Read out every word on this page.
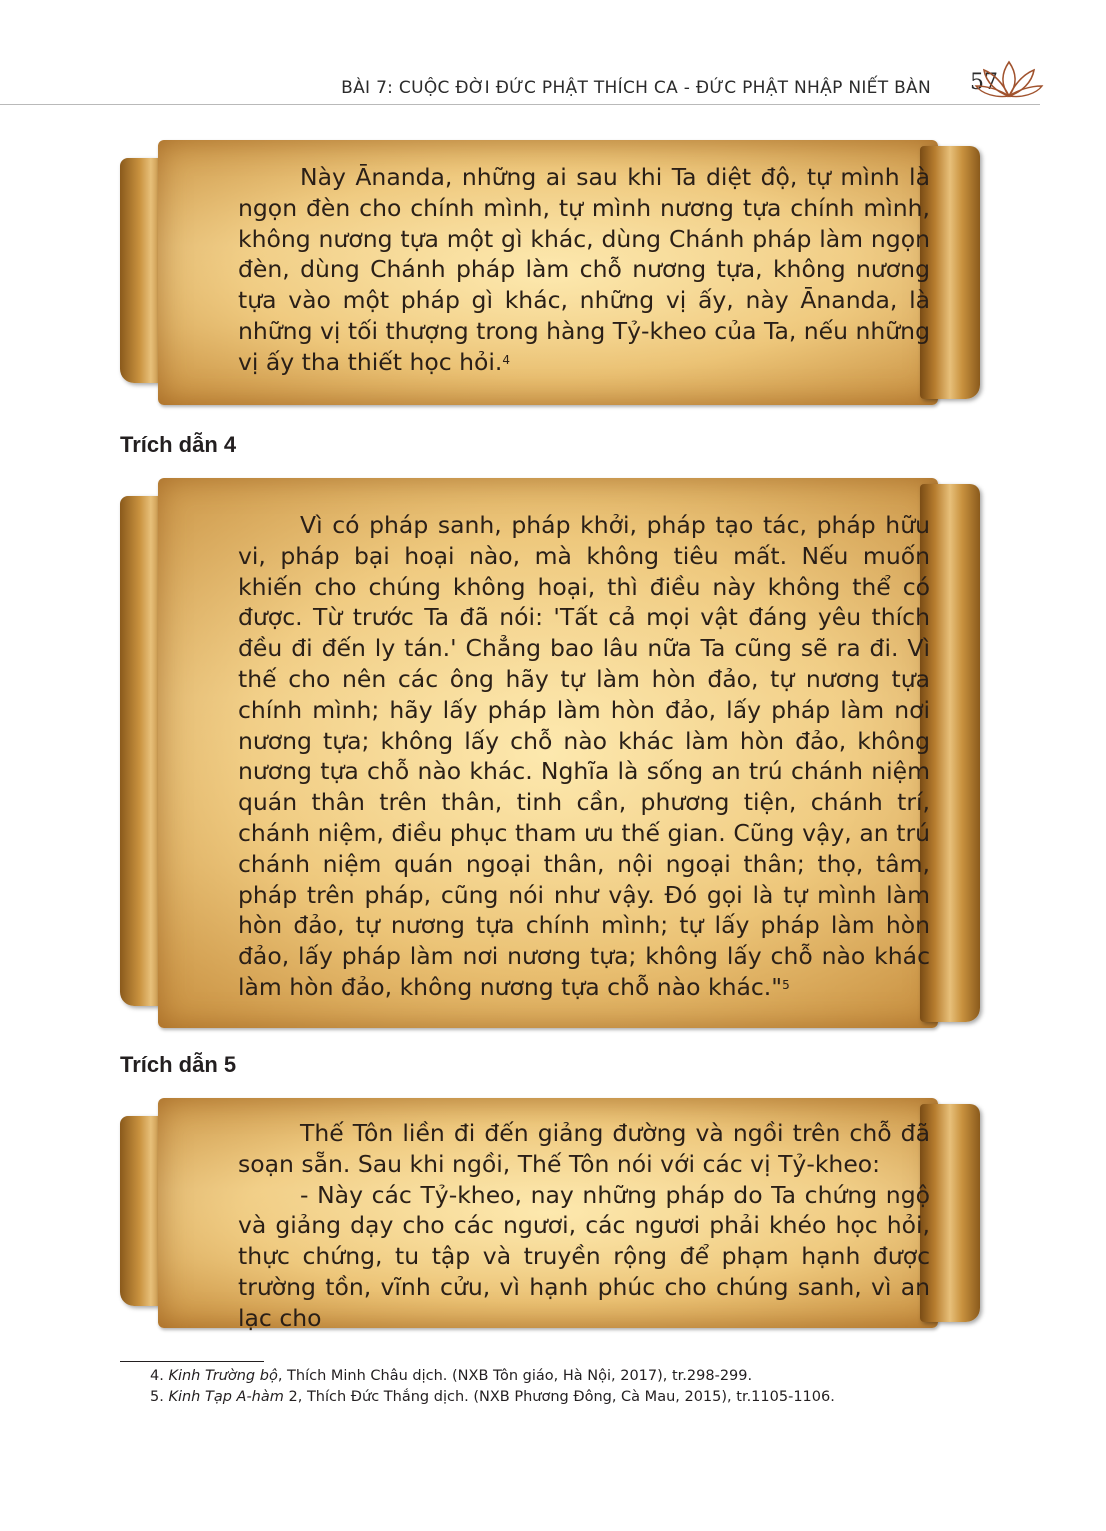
BÀI 7: CUỘC ĐỜI ĐỨC PHẬT THÍCH CA - ĐỨC PHẬT NHẬP NIẾT BÀN 57

Này Ānanda, những ai sau khi Ta diệt độ, tự mình là ngọn đèn cho chính mình, tự mình nương tựa chính mình, không nương tựa một gì khác, dùng Chánh pháp làm ngọn đèn, dùng Chánh pháp làm chỗ nương tựa, không nương tựa vào một pháp gì khác, những vị ấy, này Ānanda, là những vị tối thượng trong hàng Tỷ-kheo của Ta, nếu những vị ấy tha thiết học hỏi.$^4$

Trích dẫn 4

Vì có pháp sanh, pháp khởi, pháp tạo tác, pháp hữu vi, pháp bại hoại nào, mà không tiêu mất. Nếu muốn khiến cho chúng không hoại, thì điều này không thể có được. Từ trước Ta đã nói: 'Tất cả mọi vật đáng yêu thích đều đi đến ly tán.' Chẳng bao lâu nữa Ta cũng sẽ ra đi. Vì thế cho nên các ông hãy tự làm hòn đảo, tự nương tựa chính mình; hãy lấy pháp làm hòn đảo, lấy pháp làm nơi nương tựa; không lấy chỗ nào khác làm hòn đảo, không nương tựa chỗ nào khác. Nghĩa là sống an trú chánh niệm quán thân trên thân, tinh cần, phương tiện, chánh trí, chánh niệm, điều phục tham ưu thế gian. Cũng vậy, an trú chánh niệm quán ngoại thân, nội ngoại thân; thọ, tâm, pháp trên pháp, cũng nói như vậy. Đó gọi là tự mình làm hòn đảo, tự nương tựa chính mình; tự lấy pháp làm hòn đảo, lấy pháp làm nơi nương tựa; không lấy chỗ nào khác làm hòn đảo, không nương tựa chỗ nào khác."$^5$

Trích dẫn 5

Thế Tôn liền đi đến giảng đường và ngồi trên chỗ đã soạn sẵn. Sau khi ngồi, Thế Tôn nói với các vị Tỷ-kheo:

- Này các Tỷ-kheo, nay những pháp do Ta chứng ngộ và giảng dạy cho các ngươi, các ngươi phải khéo học hỏi, thực chứng, tu tập và truyền rộng để phạm hạnh được trường tồn, vĩnh cửu, vì hạnh phúc cho chúng sanh, vì an lạc cho

4. Kinh Trường bộ, Thích Minh Châu dịch. (NXB Tôn giáo, Hà Nội, 2017), tr.298-299.

5. Kinh Tạp A-hàm 2, Thích Đức Thắng dịch. (NXB Phương Đông, Cà Mau, 2015), tr.1105-1106.
